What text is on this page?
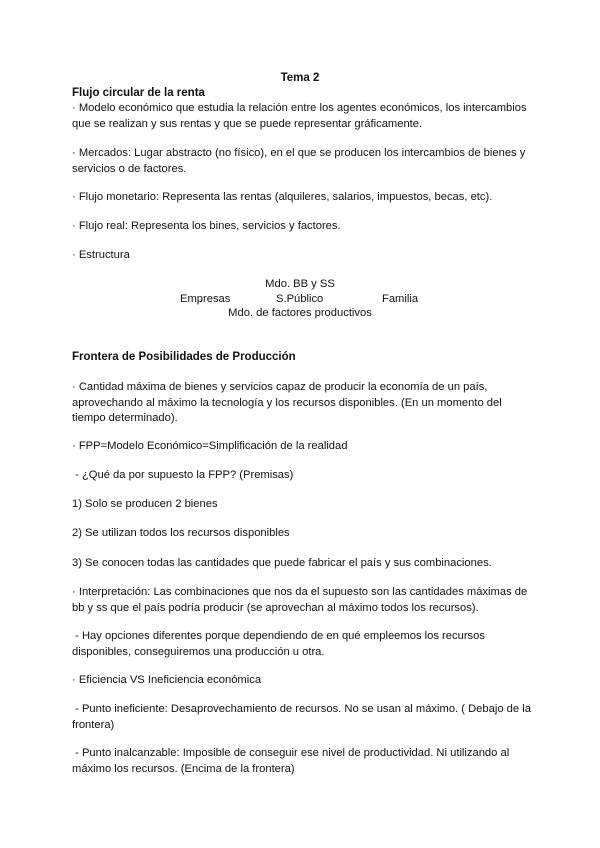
Tema 2
Flujo circular de la renta
· Modelo económico que estudia la relación entre los agentes económicos, los intercambios que se realizan y sus rentas y que se puede representar gráficamente.
· Mercados: Lugar abstracto (no físico), en el que se producen los intercambios de bienes y servicios o de factores.
· Flujo monetario: Representa las rentas (alquileres, salarios, impuestos, becas, etc).
· Flujo real: Representa los bines, servicios y factores.
· Estructura
Mdo. BB y SS
Empresas	S.Público	Familia
Mdo. de factores productivos
Frontera de Posibilidades de Producción
· Cantidad máxima de bienes y servicios capaz de producir la economía de un país, aprovechando al máximo la tecnología y los recursos disponibles. (En un momento del tiempo determinado).
· FPP=Modelo Económico=Simplificación de la realidad
- ¿Qué da por supuesto la FPP? (Premisas)
1) Solo se producen 2 bienes
2) Se utilizan todos los recursos disponibles
3) Se conocen todas las cantidades que puede fabricar el país y sus combinaciones.
· Interpretación: Las combinaciones que nos da el supuesto son las cantidades máximas de bb y ss que el país podría producir (se aprovechan al máximo todos los recursos).
- Hay opciones diferentes porque dependiendo de en qué empleemos los recursos disponibles, conseguiremos una producción u otra.
· Eficiencia VS Ineficiencia económica
- Punto ineficiente: Desaprovechamiento de recursos. No se usan al máximo. ( Debajo de la frontera)
- Punto inalcanzable: Imposible de conseguir ese nivel de productividad. Ni utilizando al máximo los recursos. (Encima de la frontera)
